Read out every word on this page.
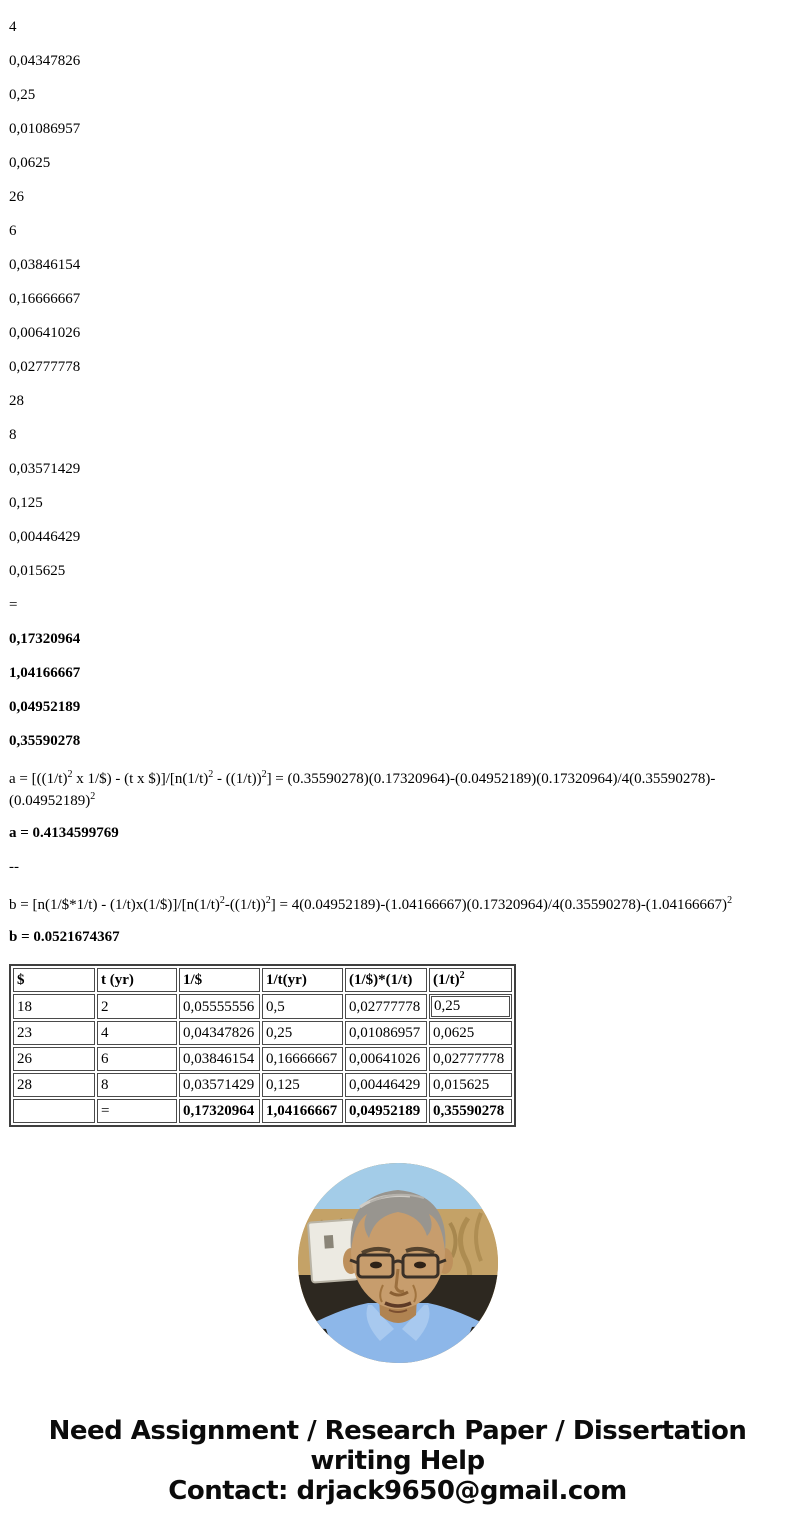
4

0,04347826

0,25

0,01086957

0,0625

26

6

0,03846154

0,16666667

0,00641026

0,02777778

28

8

0,03571429

0,125

0,00446429

0,015625

=

0,17320964

1,04166667

0,04952189

0,35590278

$a = [((1/t)^2$ x 1/$) - (t x $\$)]/[n(1/t)^2 - ((1/t))^2] = (0.35590278)(0.17320964)-(0.04952189)(0.17320964)/4(0.35590278)-(0.04952189)^2$

a = 0.4134599769

--

b = [n(1/$*1/t) - $(1/t)x(1/\$)]/[n(1/t)^2-((1/t))^2] = 4(0.04952189)-(1.04166667)(0.17320964)/4(0.35590278)-(1.04166667)^2$

b = 0.0521674367

$	t (yr)	1/$	1/t(yr)	(1/$)*(1/t)	$(1/t)^2$
18	2	0,05555556	0,5	0,02777778	0,25

23	4	0,04347826	0,25	0,01086957	0,0625
26	6	0,03846154	0,16666667	0,00641026	0,02777778
28	8	0,03571429	0,125	0,00446429	0,015625
	=	0,17320964	1,04166667	0,04952189	0,35590278
Need Assignment / Research Paper / Dissertation
writing Help
Contact: drjack9650@gmail.com
